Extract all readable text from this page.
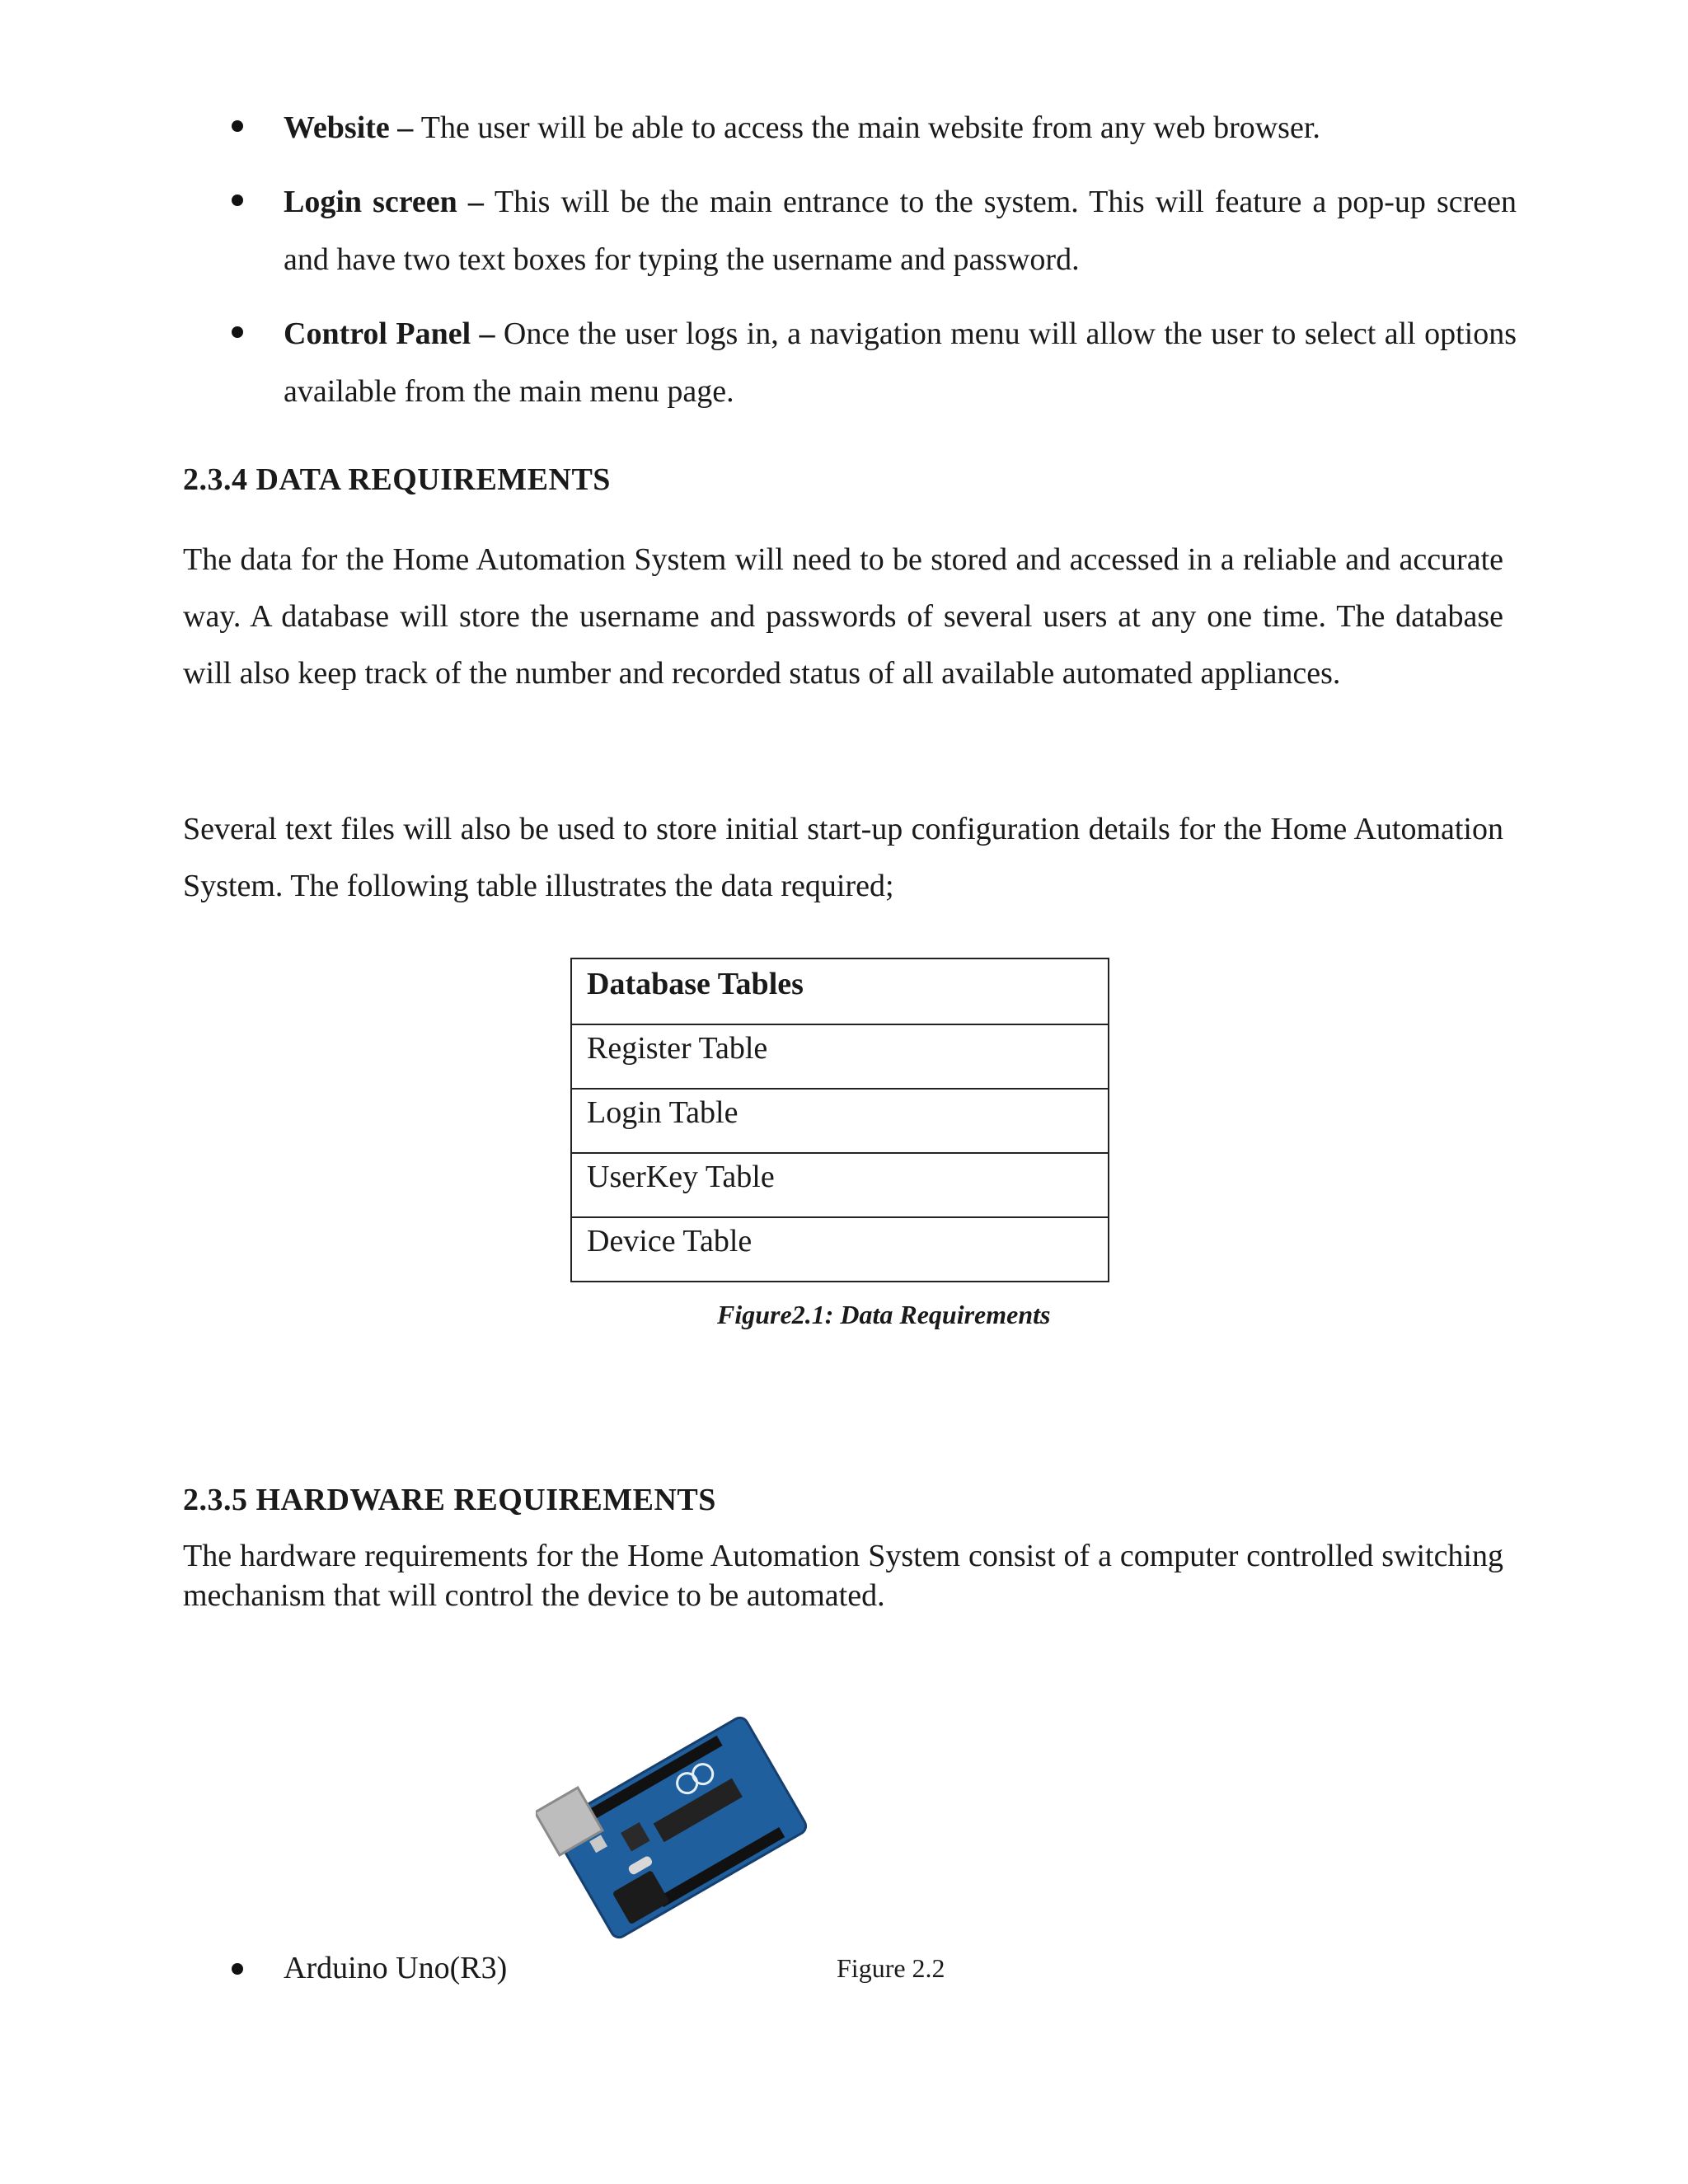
Website – The user will be able to access the main website from any web browser.
Login screen – This will be the main entrance to the system. This will feature a pop-up screen and have two text boxes for typing the username and password.
Control Panel – Once the user logs in, a navigation menu will allow the user to select all options available from the main menu page.
2.3.4 DATA REQUIREMENTS

The data for the Home Automation System will need to be stored and accessed in a reliable and accurate way. A database will store the username and passwords of several users at any one time. The database will also keep track of the number and recorded status of all available automated appliances.

Several text files will also be used to store initial start-up configuration details for the Home Automation System. The following table illustrates the data required;

Database Tables
Register Table
Login Table
UserKey Table
Device Table

Figure2.1: Data Requirements

2.3.5 HARDWARE REQUIREMENTS

The hardware requirements for the Home Automation System consist of a computer controlled switching mechanism that will control the device to be automated.

Arduino Uno(R3)	Figure 2.2
